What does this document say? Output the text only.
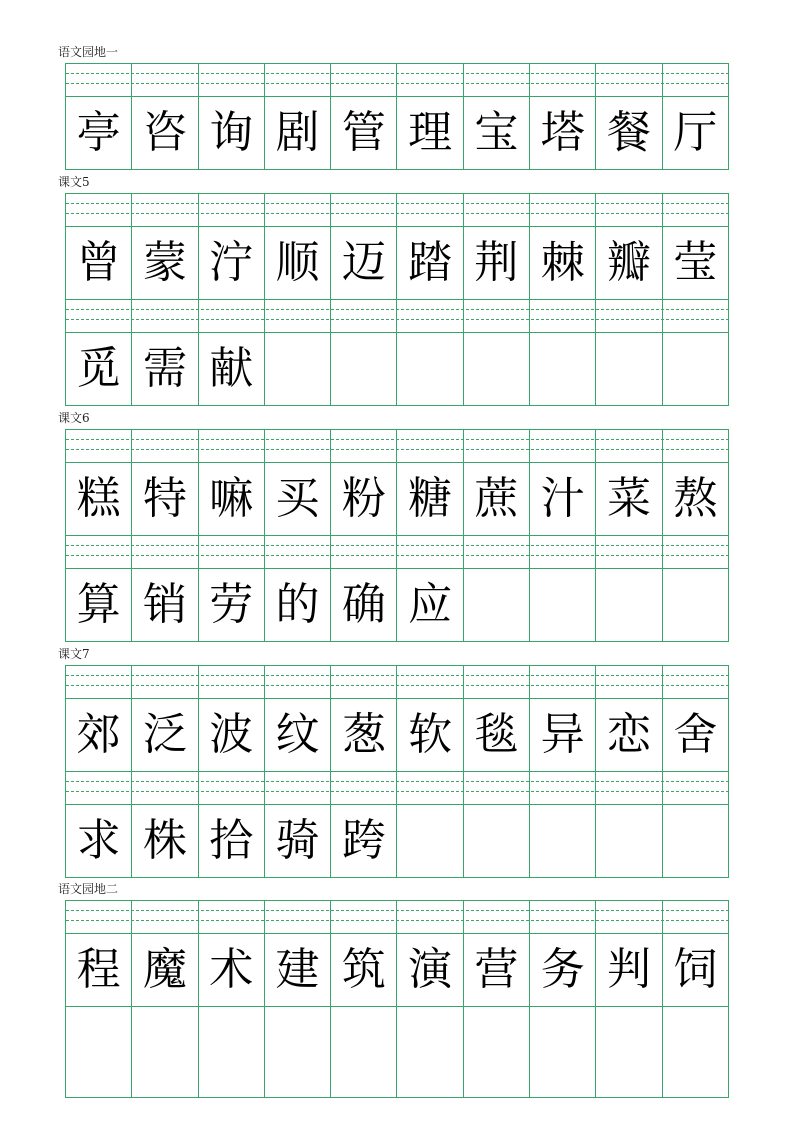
语文园地一
亭 咨 询 剧 管 理 宝 塔 餐 厅
课文5
曾 蒙 泞 顺 迈 踏 荆 棘 瓣 莹
觅 需 献
课文6
糕 特 嘛 买 粉 糖 蔗 汁 菜 熬
算 销 劳 的 确 应
课文7
郊 泛 波 纹 葱 软 毯 异 恋 舍
求 株 拾 骑 跨
语文园地二
程 魔 术 建 筑 演 营 务 判 饲
